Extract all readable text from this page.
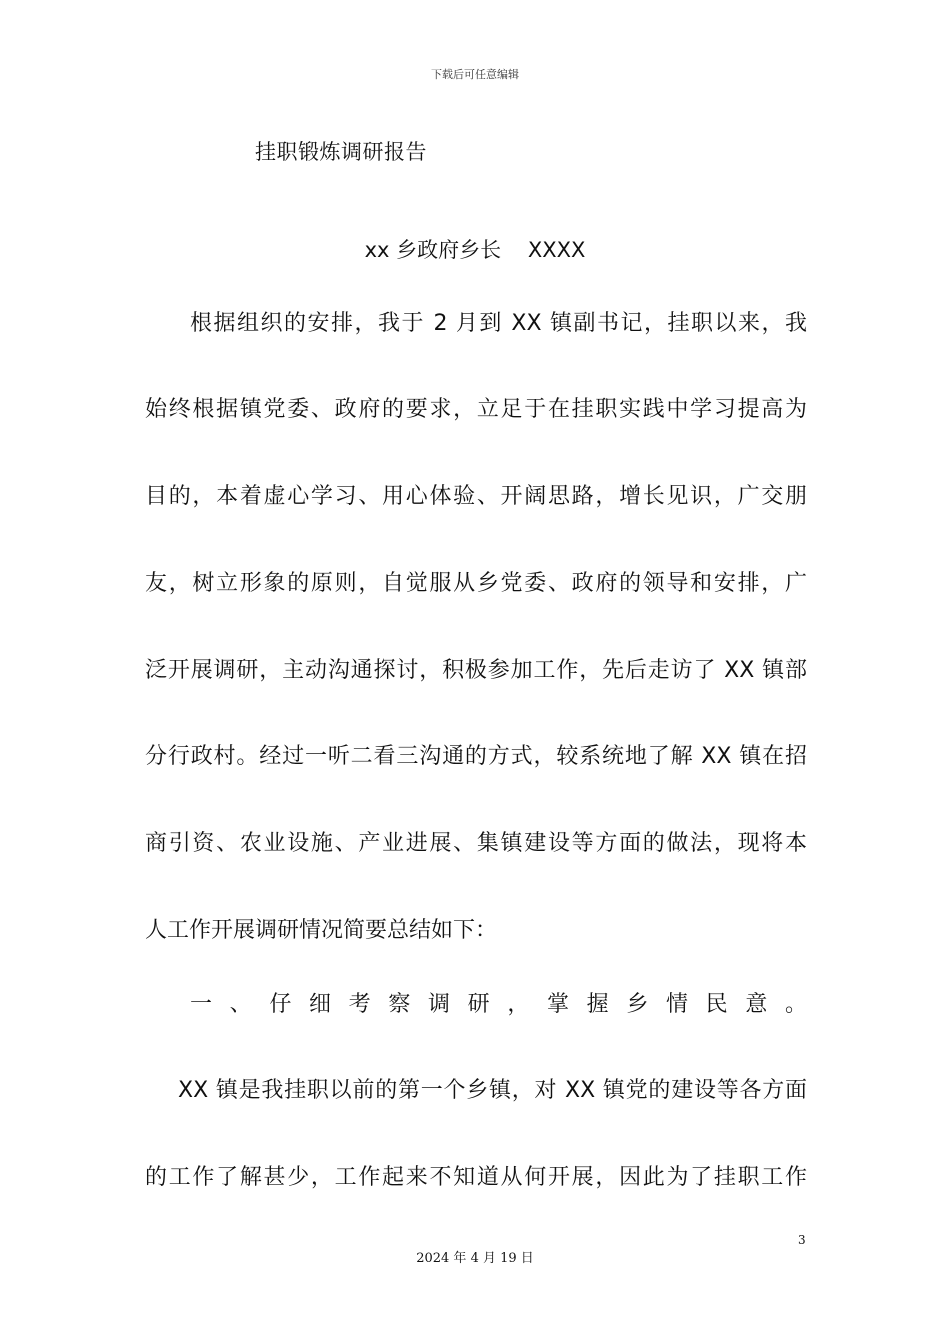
下载后可任意编辑
挂职锻炼调研报告
xx 乡政府乡长    XXXX
根据组织的安排，我于 2 月到 XX 镇副书记，挂职以来，我
始终根据镇党委、政府的要求，立足于在挂职实践中学习提高为
目的，本着虚心学习、用心体验、开阔思路，增长见识，广交朋
友，树立形象的原则，自觉服从乡党委、政府的领导和安排，广
泛开展调研，主动沟通探讨，积极参加工作，先后走访了 XX 镇部
分行政村。经过一听二看三沟通的方式，较系统地了解 XX 镇在招
商引资、农业设施、产业进展、集镇建设等方面的做法，现将本
人工作开展调研情况简要总结如下：
一、仔细考察调研，掌握乡情民意。
XX 镇是我挂职以前的第一个乡镇，对 XX 镇党的建设等各方面
的工作了解甚少，工作起来不知道从何开展，因此为了挂职工作
3
2024 年 4 月 19 日
